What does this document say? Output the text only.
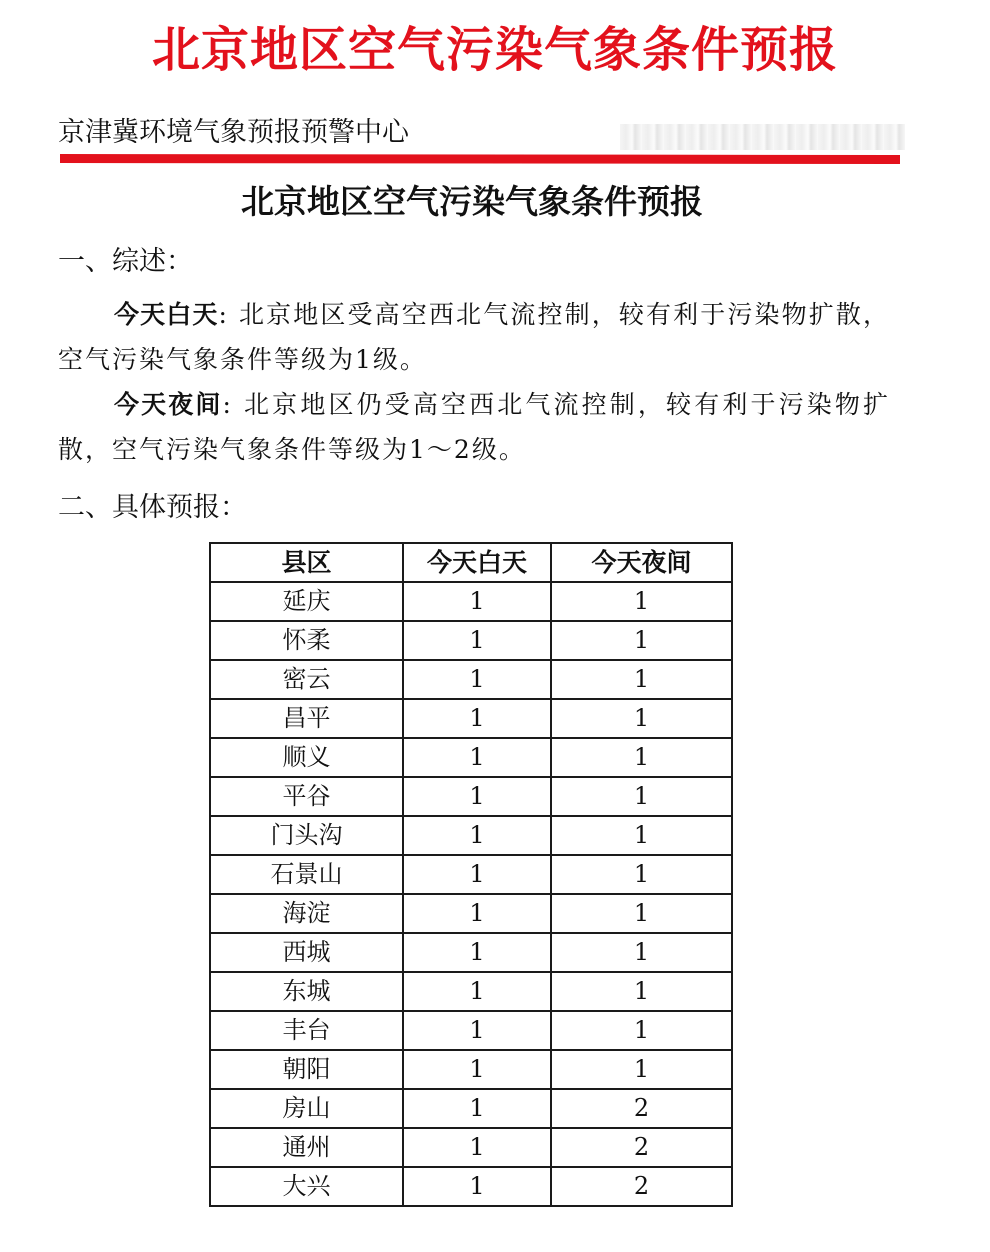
北京地区空气污染气象条件预报
京津冀环境气象预报预警中心
北京地区空气污染气象条件预报
一、综述：
今天白天: 北京地区受高空西北气流控制，较有利于污染物扩散，空气污染气象条件等级为1级。
今天夜间: 北京地区仍受高空西北气流控制，较有利于污染物扩散，空气污染气象条件等级为1～2级。
二、具体预报：
县区	今天白天	今天夜间
延庆	1	1
怀柔	1	1
密云	1	1
昌平	1	1
顺义	1	1
平谷	1	1
门头沟	1	1
石景山	1	1
海淀	1	1
西城	1	1
东城	1	1
丰台	1	1
朝阳	1	1
房山	1	2
通州	1	2
大兴	1	2
